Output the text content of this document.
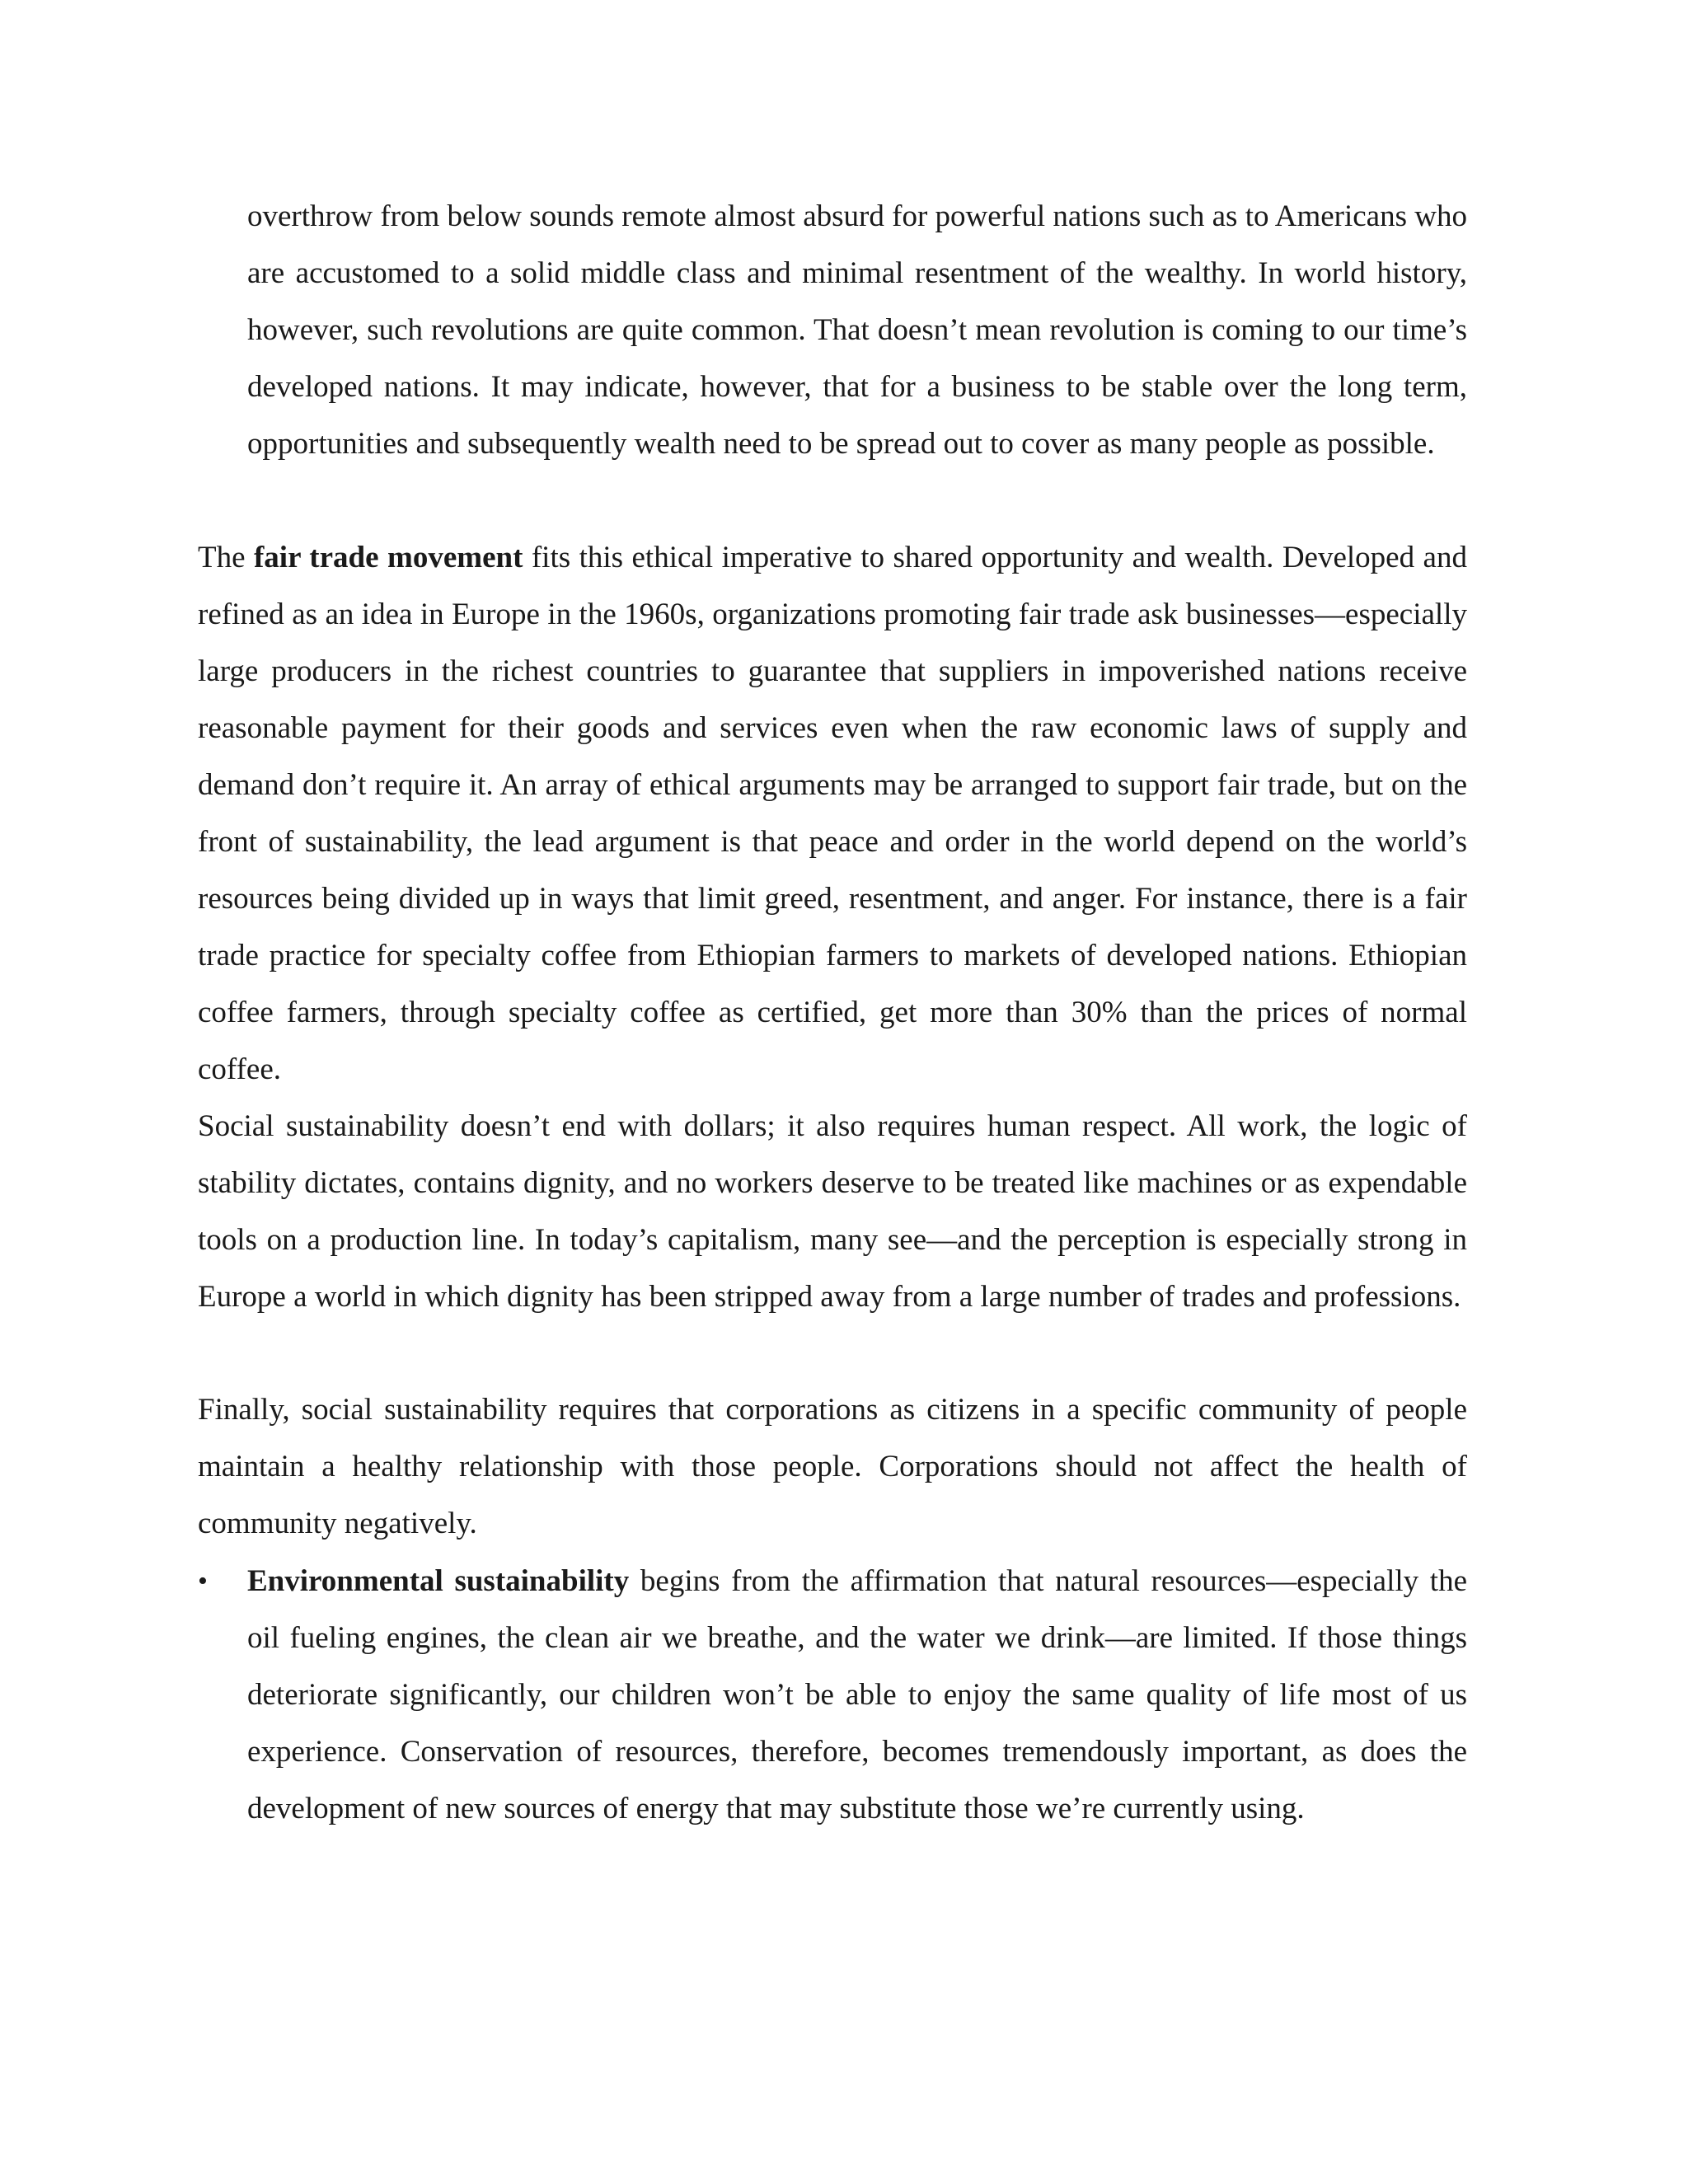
overthrow from below sounds remote almost absurd for powerful nations such as to Americans who are accustomed to a solid middle class and minimal resentment of the wealthy. In world history, however, such revolutions are quite common. That doesn’t mean revolution is coming to our time’s developed nations. It may indicate, however, that for a business to be stable over the long term, opportunities and subsequently wealth need to be spread out to cover as many people as possible.

The fair trade movement fits this ethical imperative to shared opportunity and wealth. Developed and refined as an idea in Europe in the 1960s, organizations promoting fair trade ask businesses—especially large producers in the richest countries to guarantee that suppliers in impoverished nations receive reasonable payment for their goods and services even when the raw economic laws of supply and demand don’t require it. An array of ethical arguments may be arranged to support fair trade, but on the front of sustainability, the lead argument is that peace and order in the world depend on the world’s resources being divided up in ways that limit greed, resentment, and anger. For instance, there is a fair trade practice for specialty coffee from Ethiopian farmers to markets of developed nations. Ethiopian coffee farmers, through specialty coffee as certified, get more than 30% than the prices of normal coffee.

Social sustainability doesn’t end with dollars; it also requires human respect. All work, the logic of stability dictates, contains dignity, and no workers deserve to be treated like machines or as expendable tools on a production line. In today’s capitalism, many see—and the perception is especially strong in Europe a world in which dignity has been stripped away from a large number of trades and professions.

Finally, social sustainability requires that corporations as citizens in a specific community of people maintain a healthy relationship with those people. Corporations should not affect the health of community negatively.

•	Environmental sustainability begins from the affirmation that natural resources—especially the oil fueling engines, the clean air we breathe, and the water we drink—are limited. If those things deteriorate significantly, our children won’t be able to enjoy the same quality of life most of us experience. Conservation of resources, therefore, becomes tremendously important, as does the development of new sources of energy that may substitute those we’re currently using.
